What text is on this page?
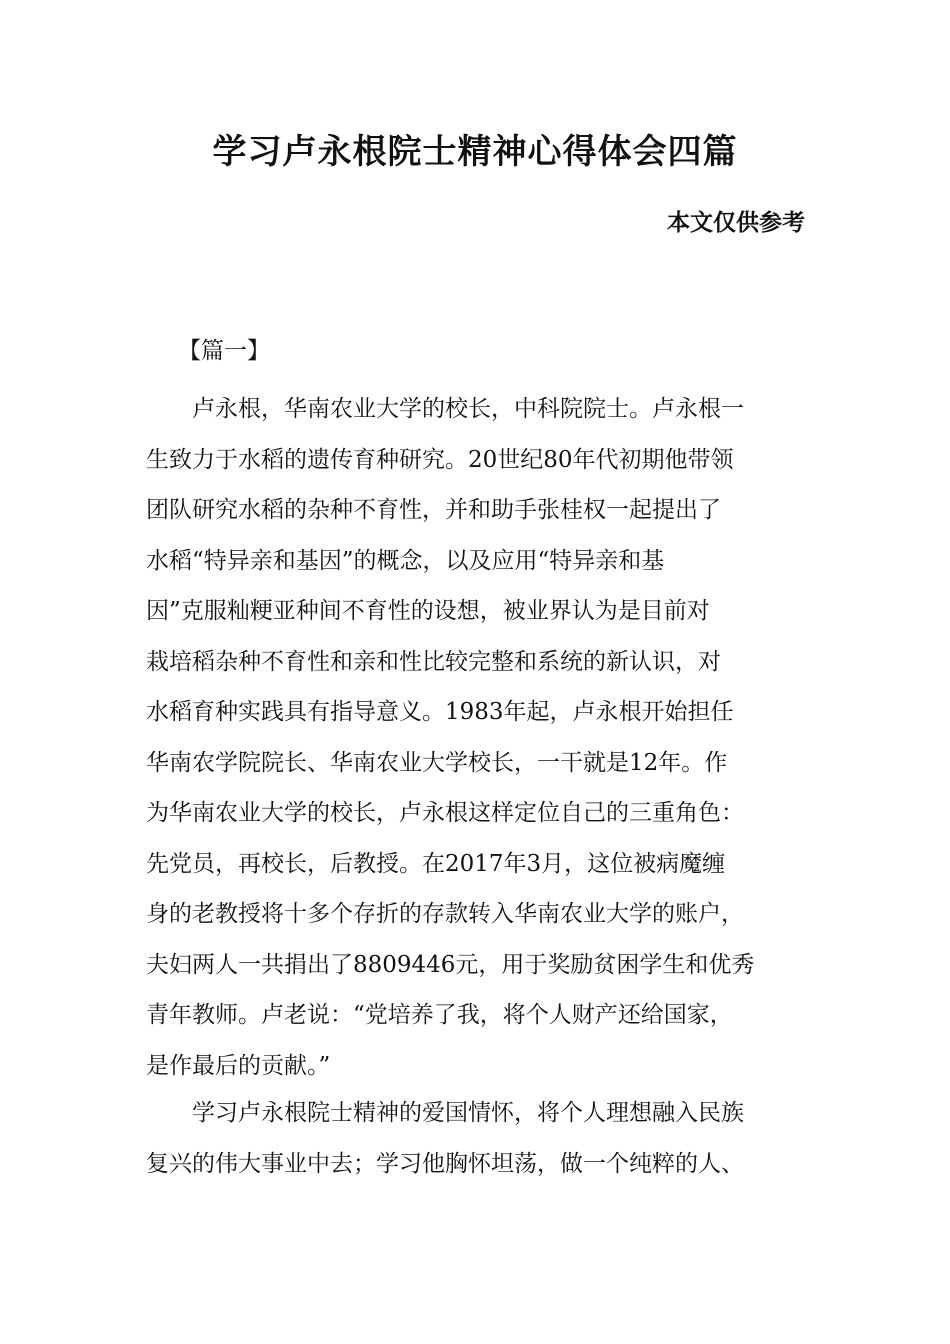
学习卢永根院士精神心得体会四篇
本文仅供参考
【篇一】
　　卢永根，华南农业大学的校长，中科院院士。卢永根一
生致力于水稻的遗传育种研究。20世纪80年代初期他带领
团队研究水稻的杂种不育性，并和助手张桂权一起提出了
水稻“特异亲和基因”的概念，以及应用“特异亲和基
因”克服籼粳亚种间不育性的设想，被业界认为是目前对
栽培稻杂种不育性和亲和性比较完整和系统的新认识，对
水稻育种实践具有指导意义。1983年起，卢永根开始担任
华南农学院院长、华南农业大学校长，一干就是12年。作
为华南农业大学的校长，卢永根这样定位自己的三重角色：
先党员，再校长，后教授。在2017年3月，这位被病魔缠
身的老教授将十多个存折的存款转入华南农业大学的账户，
夫妇两人一共捐出了8809446元，用于奖励贫困学生和优秀
青年教师。卢老说：“党培养了我，将个人财产还给国家，
是作最后的贡献。”
　　学习卢永根院士精神的爱国情怀，将个人理想融入民族
复兴的伟大事业中去；学习他胸怀坦荡，做一个纯粹的人、
